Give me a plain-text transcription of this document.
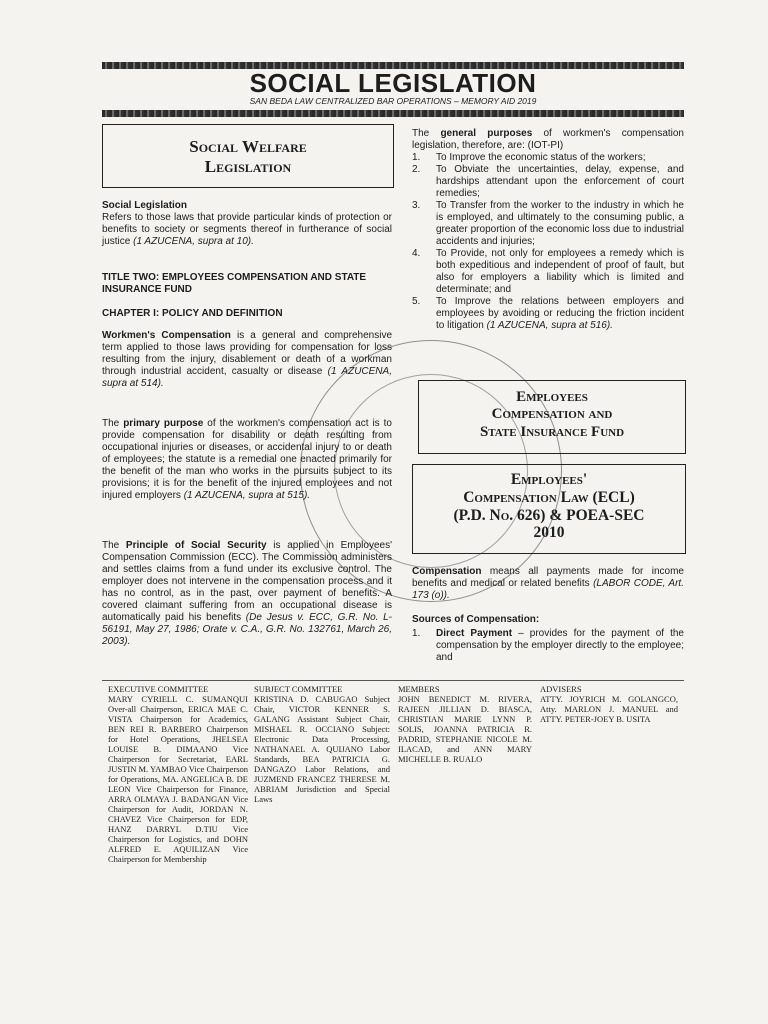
SOCIAL LEGISLATION
SAN BEDA LAW CENTRALIZED BAR OPERATIONS – MEMORY AID 2019
Social Welfare
Legislation

Social Legislation

Refers to those laws that provide particular kinds of protection or benefits to society or segments thereof in furtherance of social justice (1 AZUCENA, supra at 10).

TITLE TWO: EMPLOYEES COMPENSATION AND STATE INSURANCE FUND
CHAPTER I: POLICY AND DEFINITION

Workmen's Compensation is a general and comprehensive term applied to those laws providing for compensation for loss resulting from the injury, disablement or death of a workman through industrial accident, casualty or disease (1 AZUCENA, supra at 514).

The primary purpose of the workmen's compensation act is to provide compensation for disability or death resulting from occupational injuries or diseases, or accidental injury to or death of employees; the statute is a remedial one enacted primarily for the benefit of the man who works in the pursuits subject to its provisions; it is for the benefit of the injured employees and not injured employers (1 AZUCENA, supra at 515).

The Principle of Social Security is applied in Employees' Compensation Commission (ECC). The Commission administers and settles claims from a fund under its exclusive control. The employer does not intervene in the compensation process and it has no control, as in the past, over payment of benefits. A covered claimant suffering from an occupational disease is automatically paid his benefits (De Jesus v. ECC, G.R. No. L-56191, May 27, 1986; Orate v. C.A., G.R. No. 132761, March 26, 2003).

The general purposes of workmen's compensation legislation, therefore, are: (IOT-PI)

1. To Improve the economic status of the workers;
2. To Obviate the uncertainties, delay, expense, and hardships attendant upon the enforcement of court remedies;
3. To Transfer from the worker to the industry in which he is employed, and ultimately to the consuming public, a greater proportion of the economic loss due to industrial accidents and injuries;
4. To Provide, not only for employees a remedy which is both expeditious and independent of proof of fault, but also for employers a liability which is limited and determinate; and
5. To Improve the relations between employers and employees by avoiding or reducing the friction incident to litigation (1 AZUCENA, supra at 516).
Employees
Compensation and
State Insurance Fund
Employees'
Compensation Law (ECL)
(P.D. No. 626) & POEA-SEC
2010

Compensation means all payments made for income benefits and medical or related benefits (LABOR CODE, Art. 173 (o)).

Sources of Compensation:
1. Direct Payment – provides for the payment of the compensation by the employer directly to the employee; and
EXECUTIVE COMMITTEE
MARY CYRIELL C. SUMANQUI Over-all Chairperson, ERICA MAE C. VISTA Chairperson for Academics, BEN REI R. BARBERO Chairperson for Hotel Operations, JHELSEA LOUISE B. DIMAANO Vice Chairperson for Secretariat, EARL JUSTIN M. YAMBAO Vice Chairperson for Operations, MA. ANGELICA B. DE LEON Vice Chairperson for Finance, ARRA OLMAYA J. BADANGAN Vice Chairperson for Audit, JORDAN N. CHAVEZ Vice Chairperson for EDP, HANZ DARRYL D.TIU Vice Chairperson for Logistics, and DOHN ALFRED E. AQUILIZAN Vice Chairperson for Membership
SUBJECT COMMITTEE
KRISTINA D. CABUGAO Subject Chair, VICTOR KENNER S. GALANG Assistant Subject Chair, MISHAEL R. OCCIANO Subject: Electronic Data Processing, NATHANAEL A. QUIJANO Labor Standards, BEA PATRICIA G. DANGAZO Labor Relations, and JUZMEND FRANCEZ THERESE M. ABRIAM Jurisdiction and Special Laws
MEMBERS
JOHN BENEDICT M. RIVERA, RAJEEN JILLIAN D. BIASCA, CHRISTIAN MARIE LYNN P. SOLIS, JOANNA PATRICIA R. PADRID, STEPHANIE NICOLE M. ILACAD, and ANN MARY MICHELLE B. RUALO
ADVISERS
ATTY. JOYRICH M. GOLANGCO, Atty. MARLON J. MANUEL and ATTY. PETER-JOEY B. USITA
